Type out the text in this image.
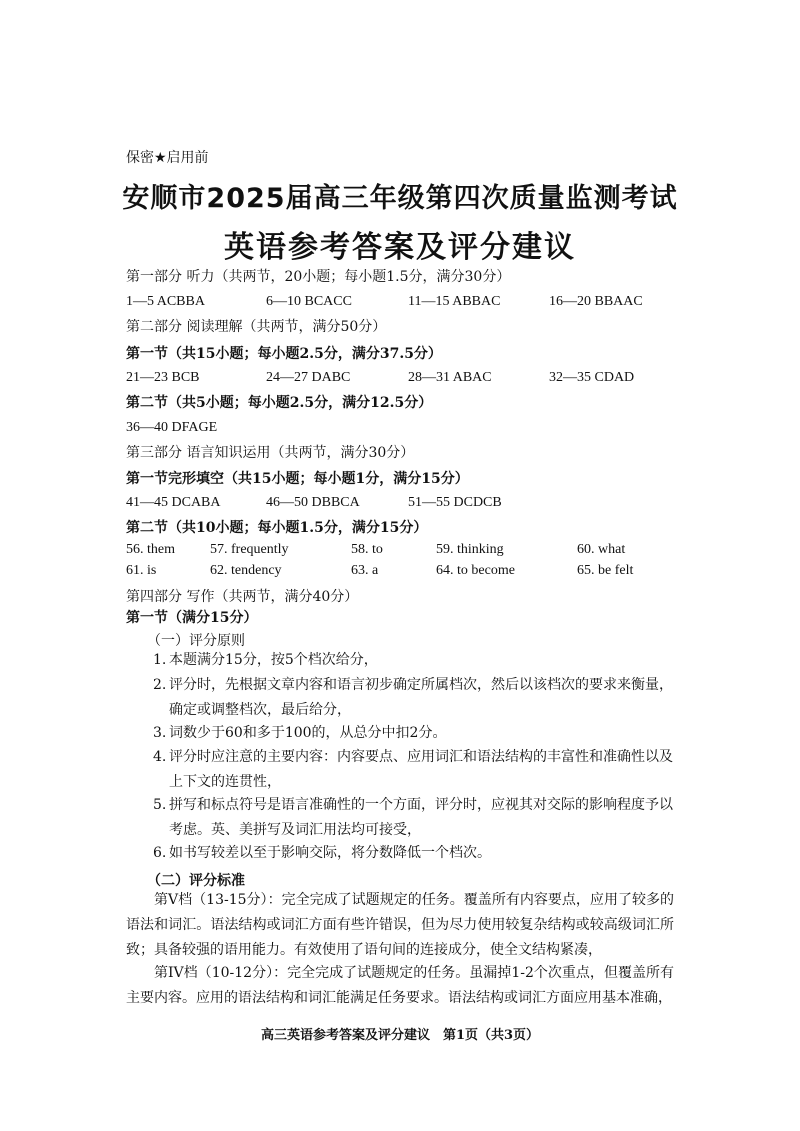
保密★启用前
安顺市2025届高三年级第四次质量监测考试
英语参考答案及评分建议
第一部分 听力（共两节，20小题；每小题1.5分，满分30分）
1—5 ACBBA	6—10 BCACC	11—15 ABBAC	16—20 BBAAC
第二部分 阅读理解（共两节，满分50分）
第一节（共15小题；每小题2.5分，满分37.5分）
21—23 BCB	24—27 DABC	28—31 ABAC	32—35 CDAD
第二节（共5小题；每小题2.5分，满分12.5分）
36—40 DFAGE
第三部分 语言知识运用（共两节，满分30分）
第一节完形填空（共15小题；每小题1分，满分15分）
41—45 DCABA	46—50 DBBCA	51—55 DCDCB
第二节（共10小题；每小题1.5分，满分15分）
56. them	57. frequently	58. to	59. thinking	60. what
61. is	62. tendency	63. a	64. to become	65. be felt
第四部分 写作（共两节，满分40分）
第一节（满分15分）
（一）评分原则
1. 本题满分15分，按5个档次给分，
2. 评分时，先根据文章内容和语言初步确定所属档次，然后以该档次的要求来衡量，确定或调整档次，最后给分，
3. 词数少于60和多于100的，从总分中扣2分。
4. 评分时应注意的主要内容：内容要点、应用词汇和语法结构的丰富性和准确性以及上下文的连贯性，
5. 拼写和标点符号是语言准确性的一个方面，评分时，应视其对交际的影响程度予以考虑。英、美拼写及词汇用法均可接受，
6. 如书写较差以至于影响交际，将分数降低一个档次。
（二）评分标准
第V档（13-15分）：完全完成了试题规定的任务。覆盖所有内容要点，应用了较多的语法和词汇。语法结构或词汇方面有些许错误，但为尽力使用较复杂结构或较高级词汇所致；具备较强的语用能力。有效使用了语句间的连接成分，使全文结构紧凑，
第IV档（10-12分）：完全完成了试题规定的任务。虽漏掉1-2个次重点，但覆盖所有主要内容。应用的语法结构和词汇能满足任务要求。语法结构或词汇方面应用基本准确，
高三英语参考答案及评分建议　第1页（共3页）
